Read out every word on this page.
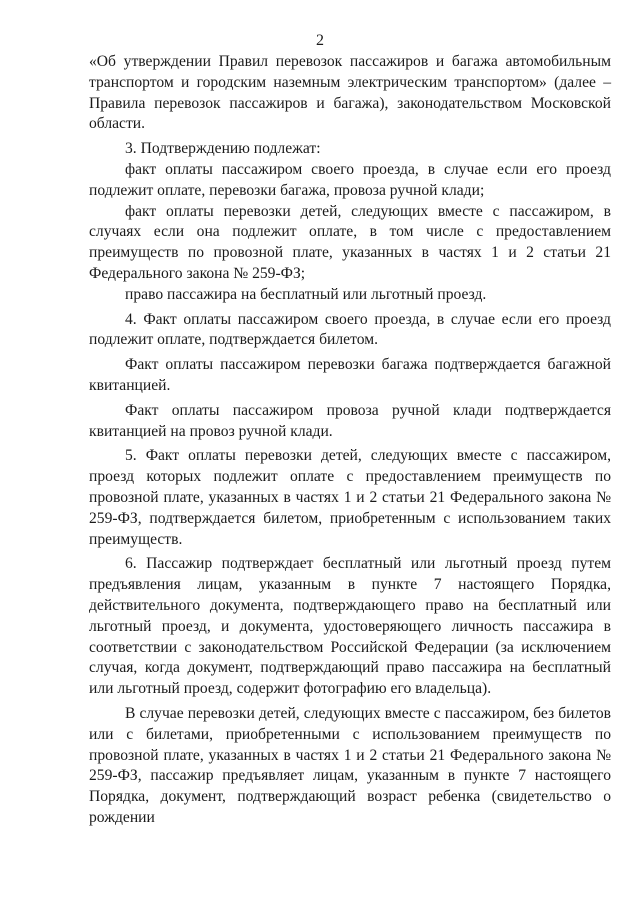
2

«Об утверждении Правил перевозок пассажиров и багажа автомобильным транспортом и городским наземным электрическим транспортом» (далее – Правила перевозок пассажиров и багажа), законодательством Московской области.

3. Подтверждению подлежат:

факт оплаты пассажиром своего проезда, в случае если его проезд подлежит оплате, перевозки багажа, провоза ручной клади;

факт оплаты перевозки детей, следующих вместе с пассажиром, в случаях если она подлежит оплате, в том числе с предоставлением преимуществ по провозной плате, указанных в частях 1 и 2 статьи 21 Федерального закона № 259-ФЗ;

право пассажира на бесплатный или льготный проезд.

4. Факт оплаты пассажиром своего проезда, в случае если его проезд подлежит оплате, подтверждается билетом.

Факт оплаты пассажиром перевозки багажа подтверждается багажной квитанцией.

Факт оплаты пассажиром провоза ручной клади подтверждается квитанцией на провоз ручной клади.

5. Факт оплаты перевозки детей, следующих вместе с пассажиром, проезд которых подлежит оплате с предоставлением преимуществ по провозной плате, указанных в частях 1 и 2 статьи 21 Федерального закона № 259-ФЗ, подтверждается билетом, приобретенным с использованием таких преимуществ.

6. Пассажир подтверждает бесплатный или льготный проезд путем предъявления лицам, указанным в пункте 7 настоящего Порядка, действительного документа, подтверждающего право на бесплатный или льготный проезд, и документа, удостоверяющего личность пассажира в соответствии с законодательством Российской Федерации (за исключением случая, когда документ, подтверждающий право пассажира на бесплатный или льготный проезд, содержит фотографию его владельца).

В случае перевозки детей, следующих вместе с пассажиром, без билетов или с билетами, приобретенными с использованием преимуществ по провозной плате, указанных в частях 1 и 2 статьи 21 Федерального закона № 259-ФЗ, пассажир предъявляет лицам, указанным в пункте 7 настоящего Порядка, документ, подтверждающий возраст ребенка (свидетельство о рождении
